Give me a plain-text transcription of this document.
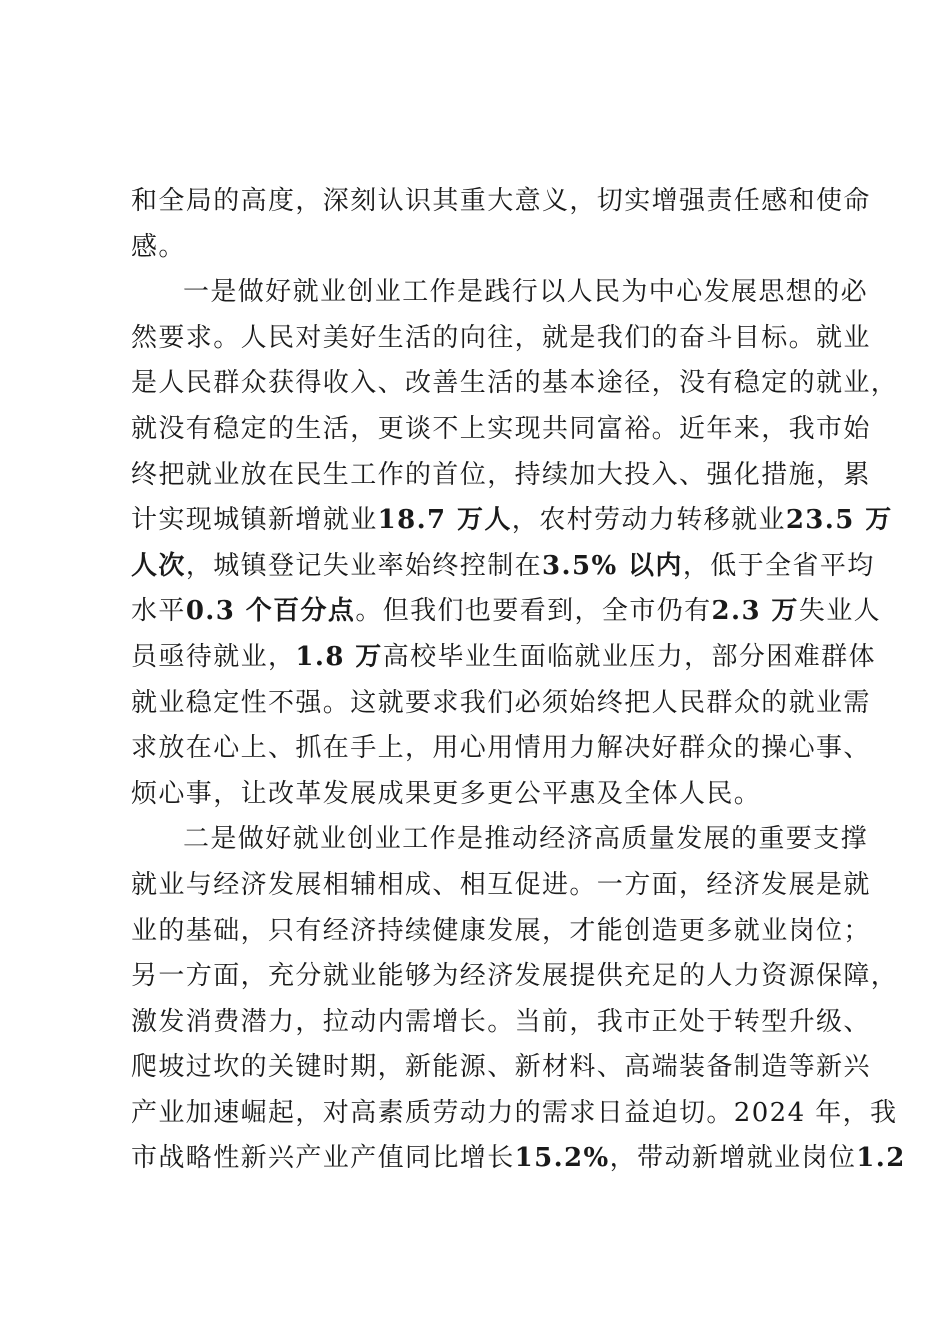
和全局的高度，深刻认识其重大意义，切实增强责任感和使命
感。
一是做好就业创业工作是践行以人民为中心发展思想的必
然要求。人民对美好生活的向往，就是我们的奋斗目标。就业
是人民群众获得收入、改善生活的基本途径，没有稳定的就业，
就没有稳定的生活，更谈不上实现共同富裕。近年来，我市始
终把就业放在民生工作的首位，持续加大投入、强化措施，累
计实现城镇新增就业18.7 万人，农村劳动力转移就业23.5 万
人次，城镇登记失业率始终控制在3.5% 以内，低于全省平均
水平0.3 个百分点。但我们也要看到，全市仍有2.3 万失业人
员亟待就业，1.8 万高校毕业生面临就业压力，部分困难群体
就业稳定性不强。这就要求我们必须始终把人民群众的就业需
求放在心上、抓在手上，用心用情用力解决好群众的操心事、
烦心事，让改革发展成果更多更公平惠及全体人民。
二是做好就业创业工作是推动经济高质量发展的重要支撑
就业与经济发展相辅相成、相互促进。一方面，经济发展是就
业的基础，只有经济持续健康发展，才能创造更多就业岗位；
另一方面，充分就业能够为经济发展提供充足的人力资源保障，
激发消费潜力，拉动内需增长。当前，我市正处于转型升级、
爬坡过坎的关键时期，新能源、新材料、高端装备制造等新兴
产业加速崛起，对高素质劳动力的需求日益迫切。2024 年，我
市战略性新兴产业产值同比增长15.2%，带动新增就业岗位1.2
